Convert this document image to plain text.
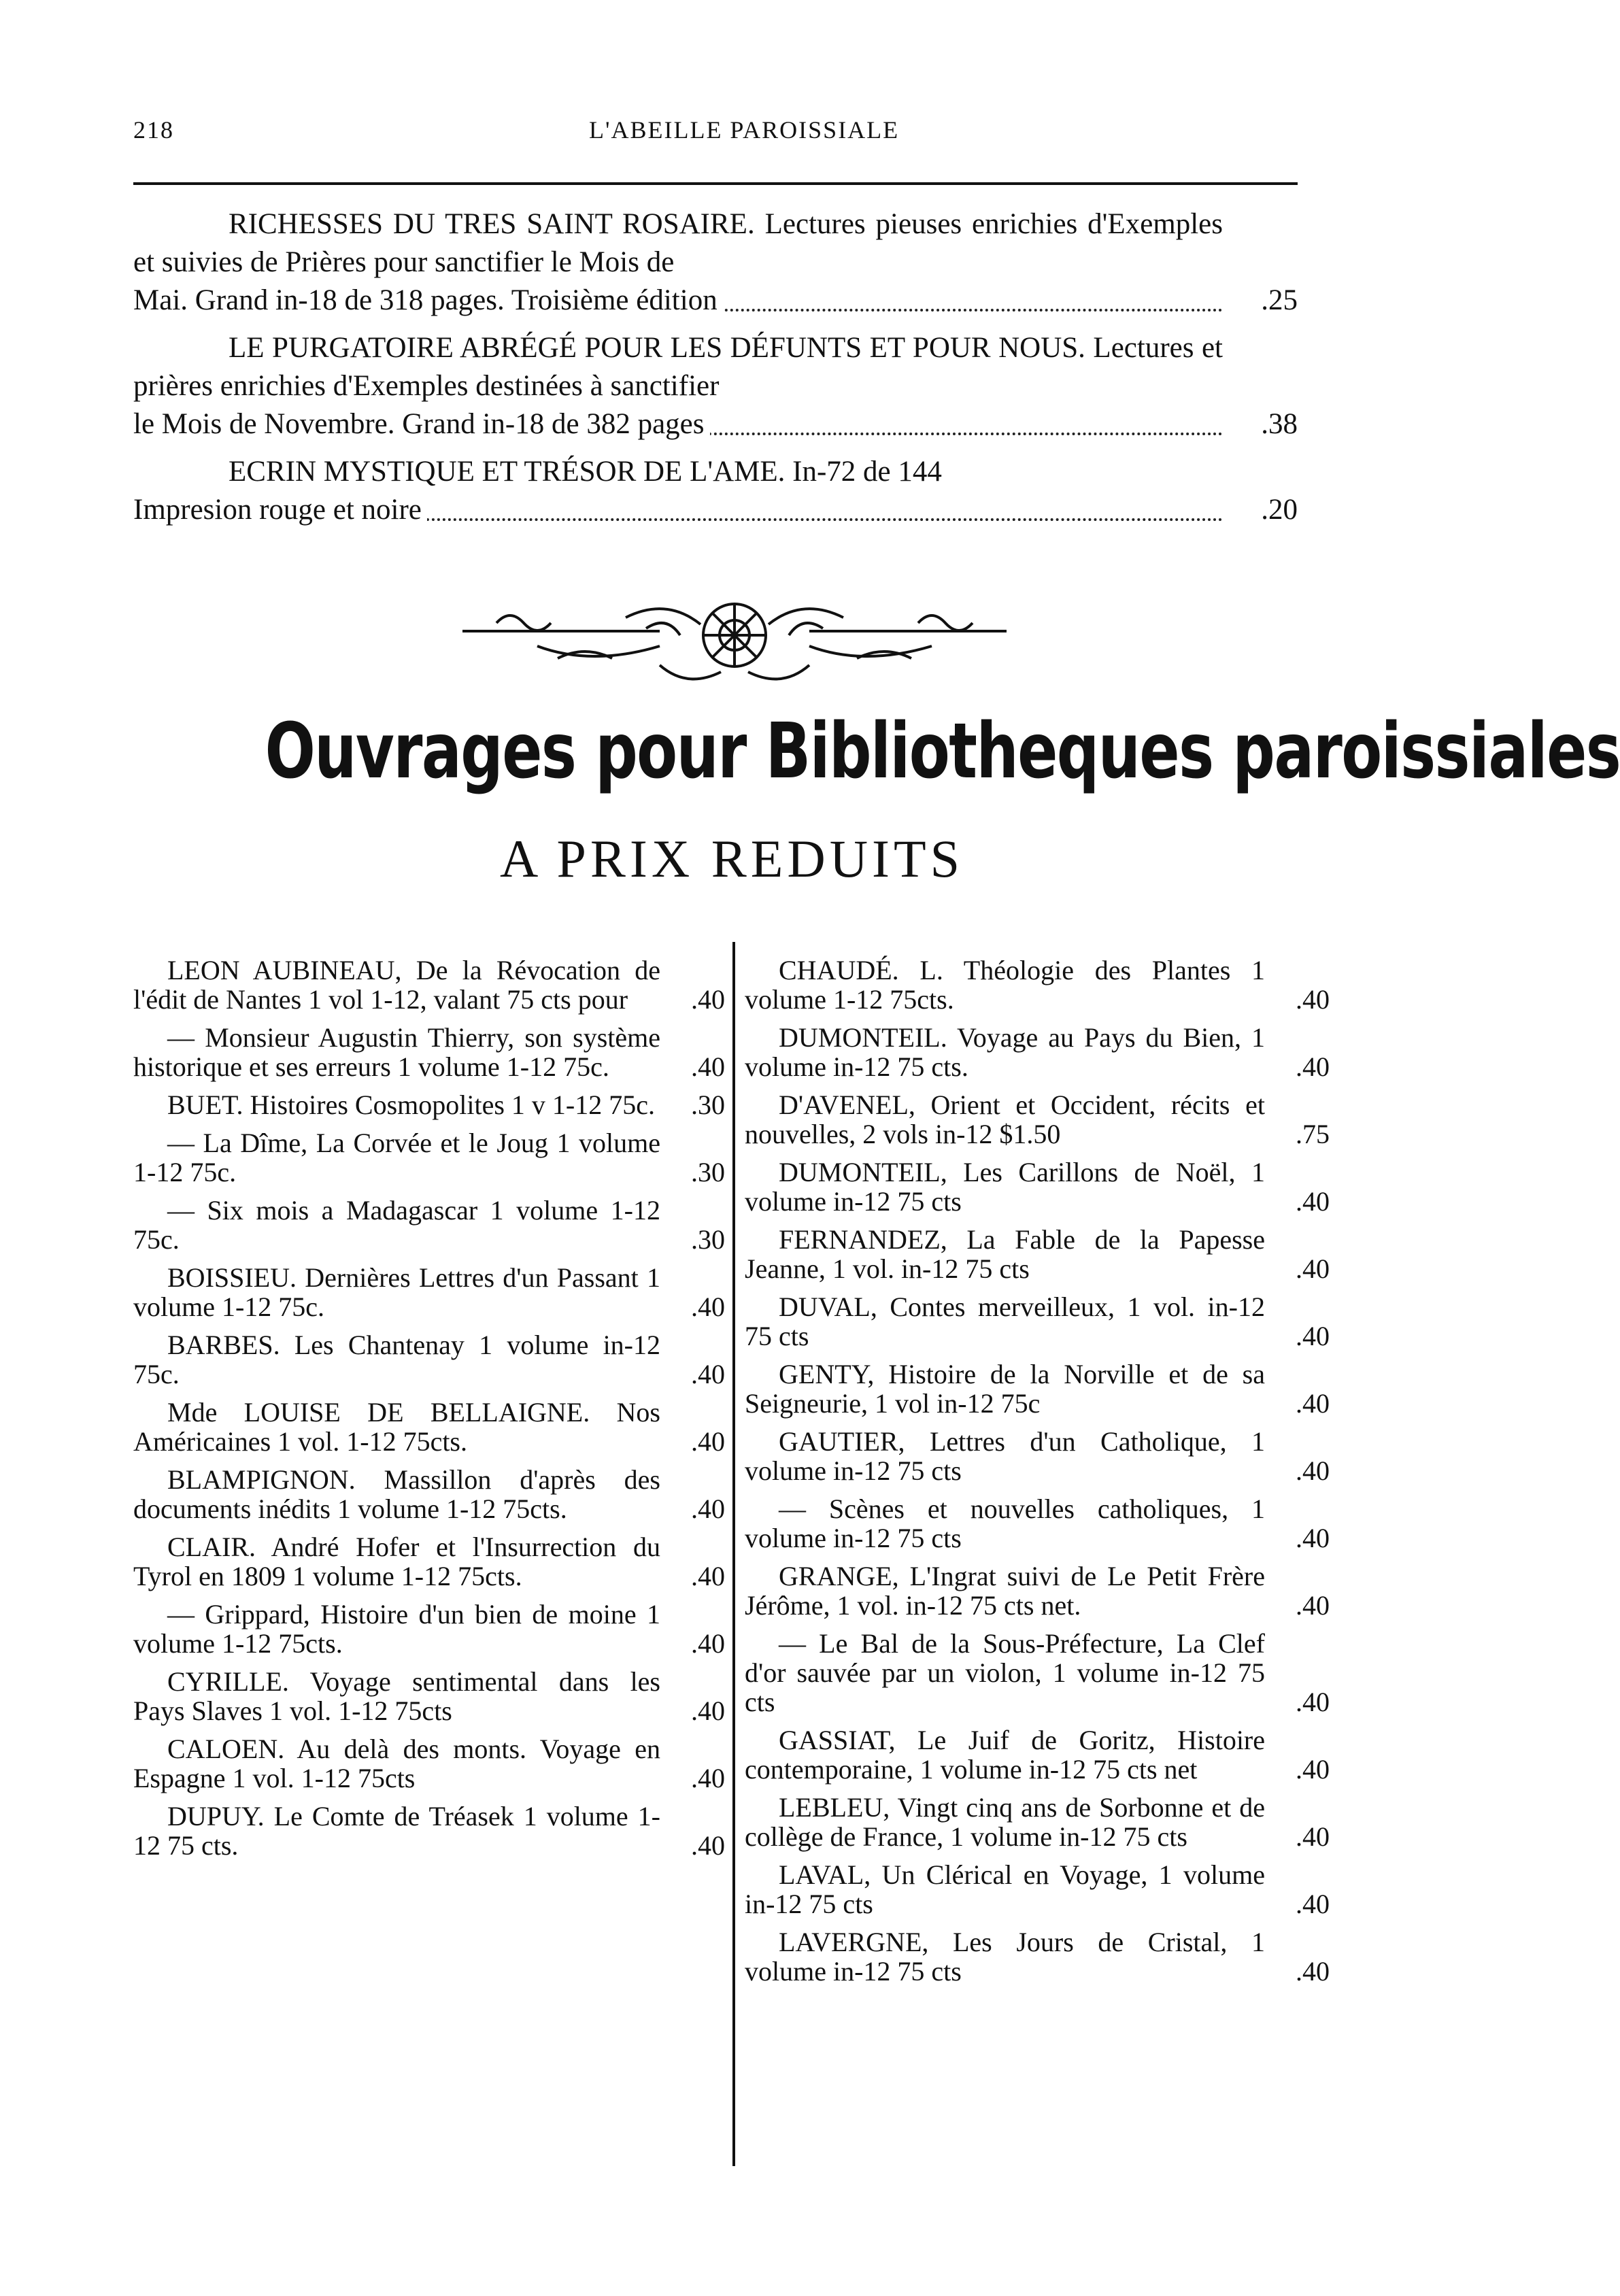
218	L'ABEILLE PAROISSIALE
RICHESSES DU TRES SAINT ROSAIRE. Lectures pieuses enrichies d'Exemples et suivies de Prières pour sanctifier le Mois de
Mai. Grand in-18 de 318 pages. Troisième édition	.25
LE PURGATOIRE ABRÉGÉ POUR LES DÉFUNTS ET POUR NOUS. Lectures et prières enrichies d'Exemples destinées à sanctifier
le Mois de Novembre. Grand in-18 de 382 pages	.38
ECRIN MYSTIQUE ET TRÉSOR DE L'AME. In-72 de 144
Impresion rouge et noire	.20
Ouvrages pour Bibliotheques paroissiales
A PRIX REDUITS
LEON AUBINEAU, De la Révocation de l'édit de Nantes 1 vol 1-12, valant 75 cts pour	.40
— Monsieur Augustin Thierry, son système historique et ses erreurs 1 volume 1-12 75c.	.40
BUET. Histoires Cosmopolites 1 v 1-12 75c.	.30
— La Dîme, La Corvée et le Joug 1 volume 1-12 75c.	.30
— Six mois a Madagascar 1 volume 1-12 75c.	.30
BOISSIEU. Dernières Lettres d'un Passant 1 volume 1-12 75c.	.40
BARBES. Les Chantenay 1 volume in-12 75c.	.40
Mde LOUISE DE BELLAIGNE. Nos Américaines 1 vol. 1-12 75cts.	.40
BLAMPIGNON. Massillon d'après des documents inédits 1 volume 1-12 75cts.	.40
CLAIR. André Hofer et l'Insurrection du Tyrol en 1809 1 volume 1-12 75cts.	.40
— Grippard, Histoire d'un bien de moine 1 volume 1-12 75cts.	.40
CYRILLE. Voyage sentimental dans les Pays Slaves 1 vol. 1-12 75cts	.40
CALOEN. Au delà des monts. Voyage en Espagne 1 vol. 1-12 75cts	.40
DUPUY. Le Comte de Tréasek 1 volume 1-12 75 cts.	.40
CHAUDÉ. L. Théologie des Plantes 1 volume 1-12 75cts.	.40
DUMONTEIL. Voyage au Pays du Bien, 1 volume in-12 75 cts.	.40
D'AVENEL, Orient et Occident, récits et nouvelles, 2 vols in-12 $1.50	.75
DUMONTEIL, Les Carillons de Noël, 1 volume in-12 75 cts	.40
FERNANDEZ, La Fable de la Papesse Jeanne, 1 vol. in-12 75 cts	.40
DUVAL, Contes merveilleux, 1 vol. in-12 75 cts	.40
GENTY, Histoire de la Norville et de sa Seigneurie, 1 vol in-12 75c	.40
GAUTIER, Lettres d'un Catholique, 1 volume in-12 75 cts	.40
— Scènes et nouvelles catholiques, 1 volume in-12 75 cts	.40
GRANGE, L'Ingrat suivi de Le Petit Frère Jérôme, 1 vol. in-12 75 cts net.	.40
— Le Bal de la Sous-Préfecture, La Clef d'or sauvée par un violon, 1 volume in-12 75 cts	.40
GASSIAT, Le Juif de Goritz, Histoire contemporaine, 1 volume in-12 75 cts net	.40
LEBLEU, Vingt cinq ans de Sorbonne et de collège de France, 1 volume in-12 75 cts	.40
LAVAL, Un Clérical en Voyage, 1 volume in-12 75 cts	.40
LAVERGNE, Les Jours de Cristal, 1 volume in-12 75 cts	.40
